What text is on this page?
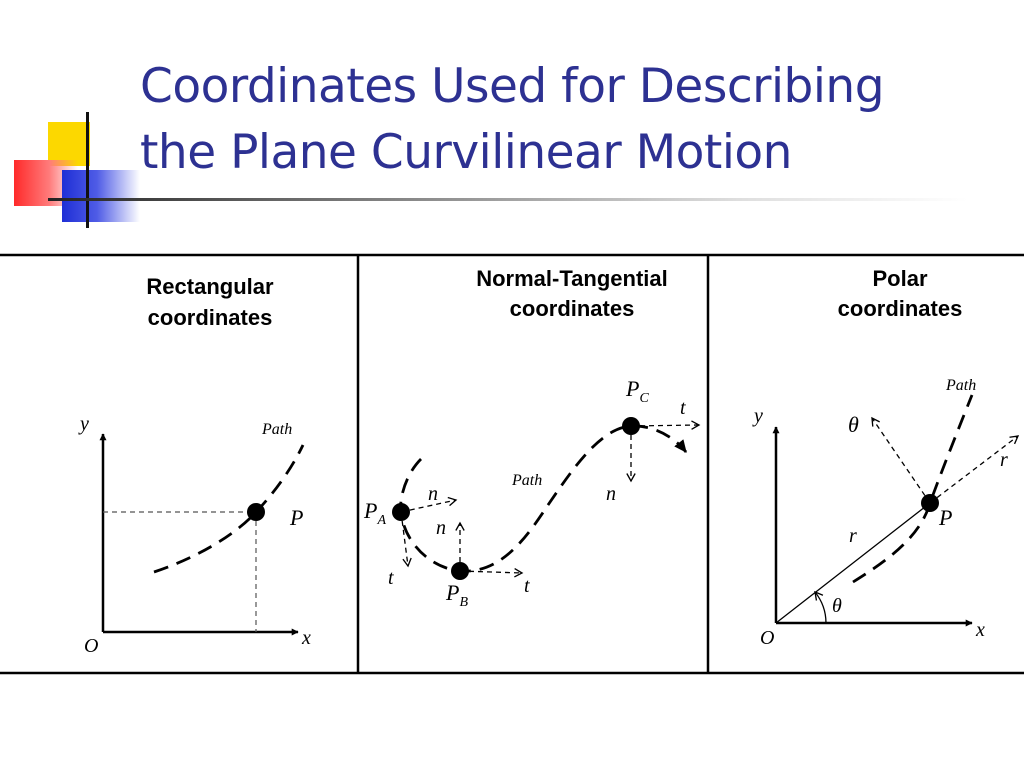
Coordinates Used for Describing
the Plane Curvilinear Motion
Rectangular
coordinates
y
x
O
Path
P
Normal-Tangential
coordinates
Path
$P_A$
n
t
$P_B$
n
t
$P_C$
n
t
Polar
coordinates
y
x
O
r
θ
Path
r
θ
P
